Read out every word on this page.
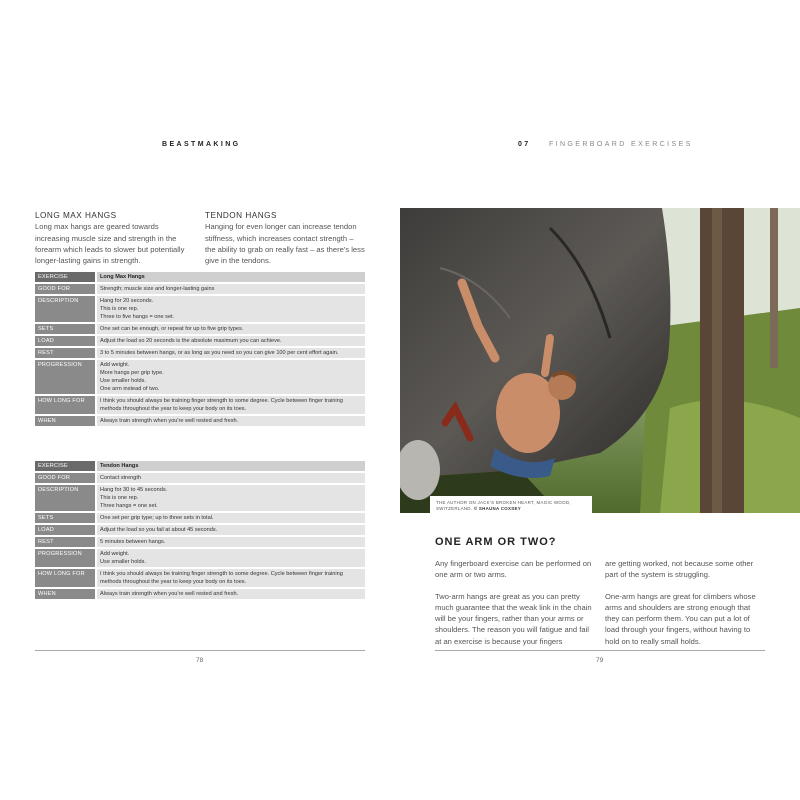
BEASTMAKING	07	FINGERBOARD EXERCISES
LONG MAX HANGS
Long max hangs are geared towards increasing muscle size and strength in the forearm which leads to slower but potentially longer-lasting gains in strength.
TENDON HANGS
Hanging for even longer can increase tendon stiffness, which increases contact strength – the ability to grab on really fast – as there's less give in the tendons.
EXERCISE	Long Max Hangs
GOOD FOR	Strength; muscle size and longer-lasting gains
DESCRIPTION	Hang for 20 seconds.
This is one rep.
Three to five hangs = one set.
SETS	One set can be enough, or repeat for up to five grip types.
LOAD	Adjust the load so 20 seconds is the absolute maximum you can achieve.
REST	3 to 5 minutes between hangs, or as long as you need so you can give 100 per cent effort again.
PROGRESSION	Add weight.
More hangs per grip type.
Use smaller holds.
One arm instead of two.
HOW LONG FOR	I think you should always be training finger strength to some degree. Cycle between finger training methods throughout the year to keep your body on its toes.
WHEN	Always train strength when you're well rested and fresh.
EXERCISE	Tendon Hangs
GOOD FOR	Contact strength
DESCRIPTION	Hang for 30 to 45 seconds.
This is one rep.
Three hangs = one set.
SETS	One set per grip type; up to three sets in total.
LOAD	Adjust the load so you fail at about 45 seconds.
REST	5 minutes between hangs.
PROGRESSION	Add weight.
Use smaller holds.
HOW LONG FOR	I think you should always be training finger strength to some degree. Cycle between finger training methods throughout the year to keep your body on its toes.
WHEN	Always train strength when you're well rested and fresh.
78
THE AUTHOR ON JACK'S BROKEN HEART, MAGIC WOOD, SWITZERLAND. © SHAUNA COXSEY
ONE ARM OR TWO?

Any fingerboard exercise can be performed on one arm or two arms.

Two-arm hangs are great as you can pretty much guarantee that the weak link in the chain will be your fingers, rather than your arms or shoulders. The reason you will fatigue and fail at an exercise is because your fingers

are getting worked, not because some other part of the system is struggling.

One-arm hangs are great for climbers whose arms and shoulders are strong enough that they can perform them. You can put a lot of load through your fingers, without having to hold on to really small holds.

79
